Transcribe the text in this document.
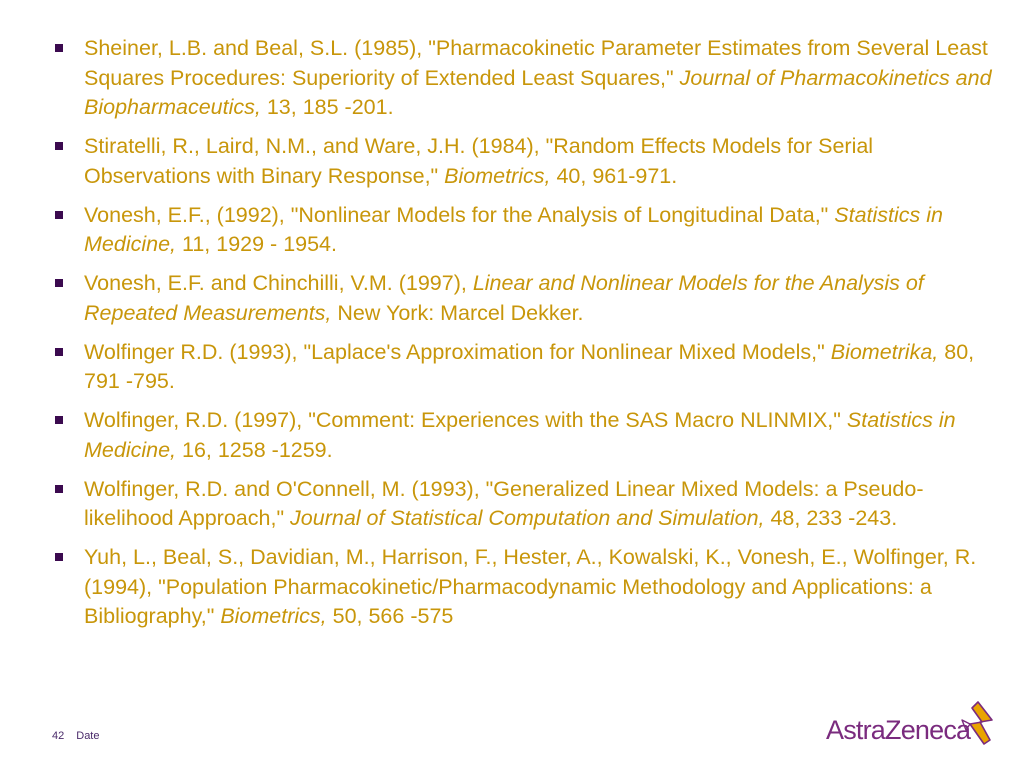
Sheiner, L.B. and Beal, S.L. (1985), "Pharmacokinetic Parameter Estimates from Several Least Squares Procedures: Superiority of Extended Least Squares," Journal of Pharmacokinetics and Biopharmaceutics, 13, 185 -201.
Stiratelli, R., Laird, N.M., and Ware, J.H. (1984), "Random Effects Models for Serial Observations with Binary Response," Biometrics, 40, 961-971.
Vonesh, E.F., (1992), "Nonlinear Models for the Analysis of Longitudinal Data," Statistics in Medicine, 11, 1929 - 1954.
Vonesh, E.F. and Chinchilli, V.M. (1997), Linear and Nonlinear Models for the Analysis of Repeated Measurements, New York: Marcel Dekker.
Wolfinger R.D. (1993), "Laplace's Approximation for Nonlinear Mixed Models," Biometrika, 80, 791 -795.
Wolfinger, R.D. (1997), "Comment: Experiences with the SAS Macro NLINMIX," Statistics in Medicine, 16, 1258 -1259.
Wolfinger, R.D. and O'Connell, M. (1993), "Generalized Linear Mixed Models: a Pseudo-likelihood Approach," Journal of Statistical Computation and Simulation, 48, 233 -243.
Yuh, L., Beal, S., Davidian, M., Harrison, F., Hester, A., Kowalski, K., Vonesh, E., Wolfinger, R. (1994), "Population Pharmacokinetic/Pharmacodynamic Methodology and Applications: a Bibliography," Biometrics, 50, 566 -575
42 Date	AstraZeneca
